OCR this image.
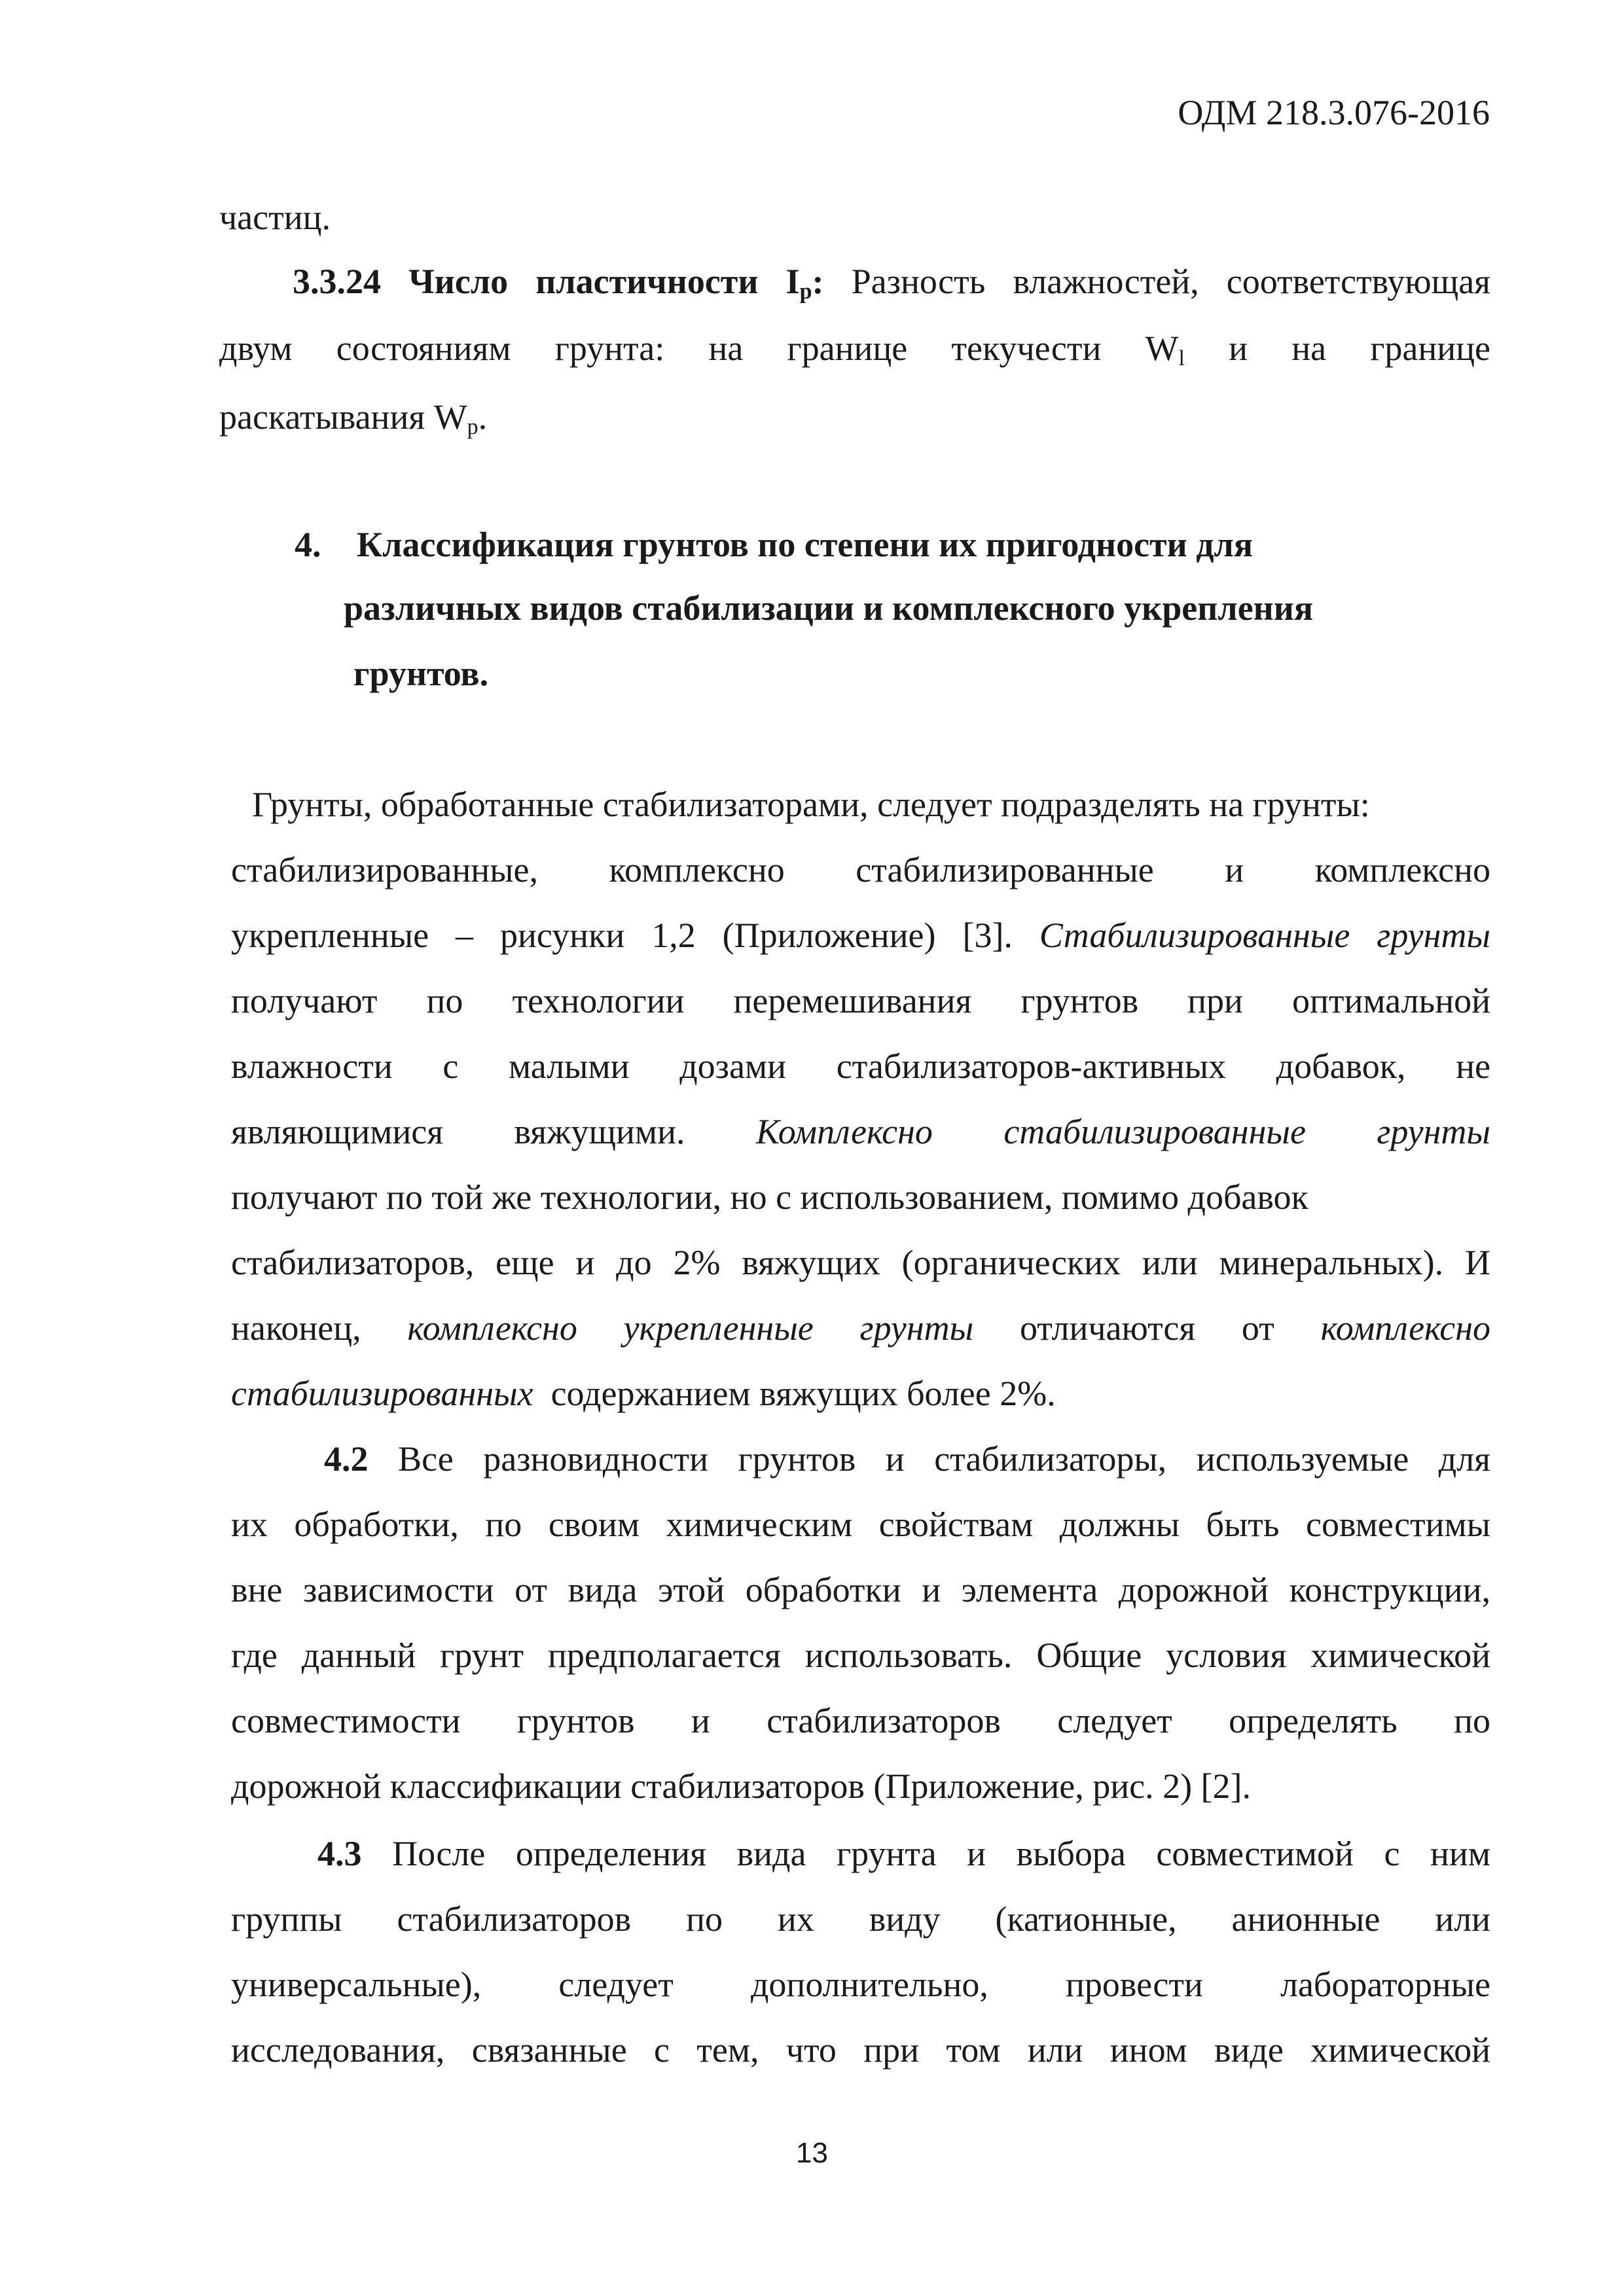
ОДМ 218.3.076-2016
частиц.
3.3.24 Число пластичности $I_p$: Разность влажностей, соответствующая
двум состояниям грунта: на границе текучести $W_l$ и на границе
раскатывания $W_p$.
4. Классификация грунтов по степени их пригодности для
различных видов стабилизации и комплексного укрепления
грунтов.
Грунты, обработанные стабилизаторами, следует подразделять на грунты:
стабилизированные, комплексно стабилизированные и комплексно
укрепленные – рисунки 1,2 (Приложение) [3]. Стабилизированные грунты
получают по технологии перемешивания грунтов при оптимальной
влажности с малыми дозами стабилизаторов-активных добавок, не
являющимися вяжущими. Комплексно стабилизированные грунты
получают по той же технологии, но с использованием, помимо добавок
стабилизаторов, еще и до 2% вяжущих (органических или минеральных). И
наконец, комплексно укрепленные грунты отличаются от комплексно
стабилизированных содержанием вяжущих более 2%.
4.2 Все разновидности грунтов и стабилизаторы, используемые для
их обработки, по своим химическим свойствам должны быть совместимы
вне зависимости от вида этой обработки и элемента дорожной конструкции,
где данный грунт предполагается использовать. Общие условия химической
совместимости грунтов и стабилизаторов следует определять по
дорожной классификации стабилизаторов (Приложение, рис. 2) [2].
4.3 После определения вида грунта и выбора совместимой с ним
группы стабилизаторов по их виду (катионные, анионные или
универсальные), следует дополнительно, провести лабораторные
исследования, связанные с тем, что при том или ином виде химической
13
